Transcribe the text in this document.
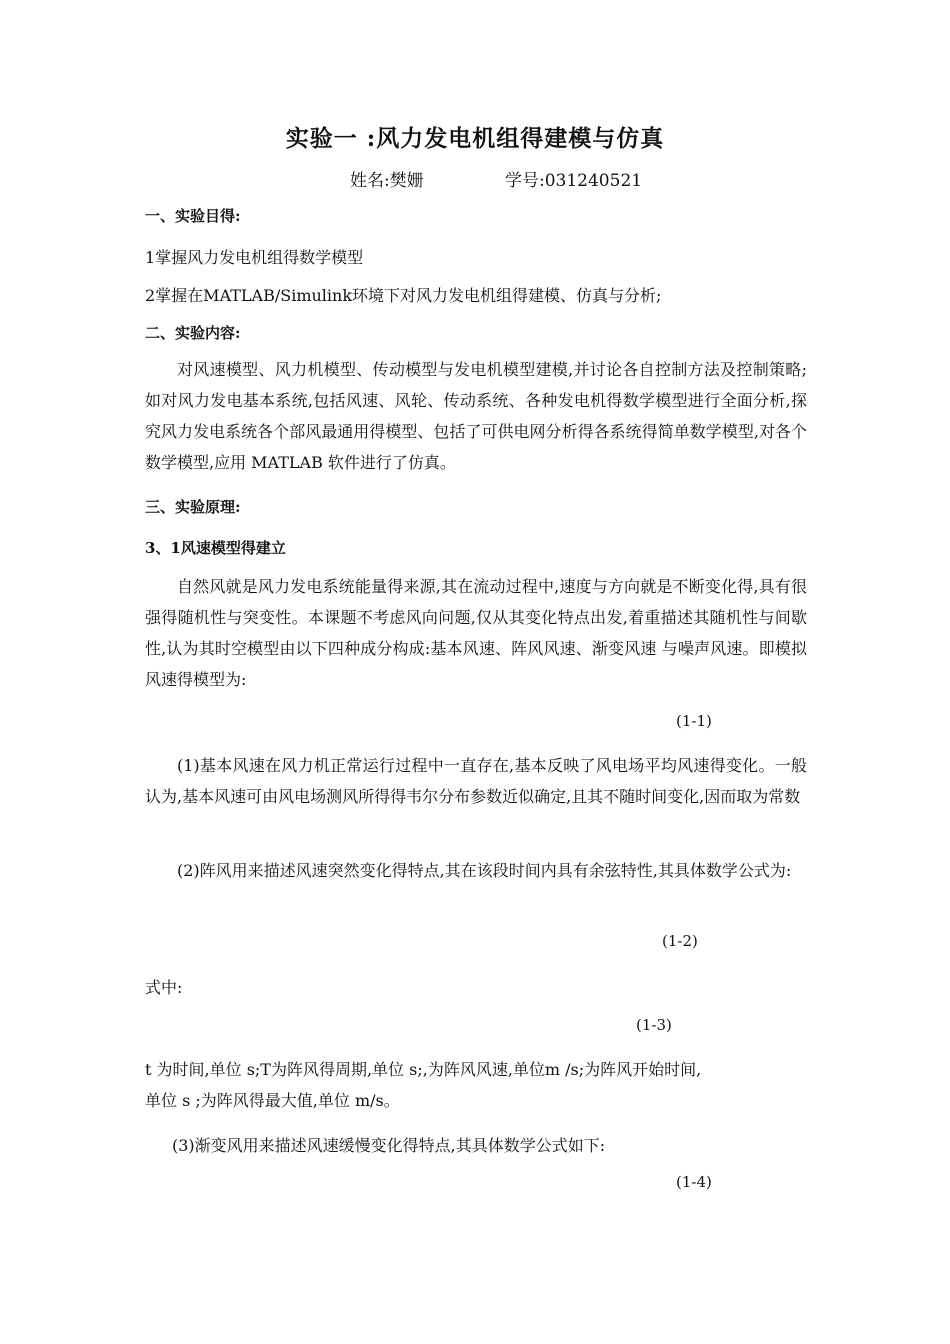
实验一 :风力发电机组得建模与仿真

姓名:樊姗	学号:031240521

一、实验目得:

1掌握风力发电机组得数学模型

2掌握在MATLAB/Simulink环境下对风力发电机组得建模、仿真与分析;

二、实验内容:

对风速模型、风力机模型、传动模型与发电机模型建模,并讨论各自控制方法及控制策略;如对风力发电基本系统,包括风速、风轮、传动系统、各种发电机得数学模型进行全面分析,探究风力发电系统各个部风最通用得模型、包括了可供电网分析得各系统得简单数学模型,对各个数学模型,应用 MATLAB 软件进行了仿真。

三、实验原理:

3、1风速模型得建立

自然风就是风力发电系统能量得来源,其在流动过程中,速度与方向就是不断变化得,具有很强得随机性与突变性。本课题不考虑风向问题,仅从其变化特点出发,着重描述其随机性与间歇性,认为其时空模型由以下四种成分构成:基本风速、阵风风速、渐变风速 与噪声风速。即模拟风速得模型为:

(1-1)

(1)基本风速在风力机正常运行过程中一直存在,基本反映了风电场平均风速得变化。一般认为,基本风速可由风电场测风所得得韦尔分布参数近似确定,且其不随时间变化,因而取为常数

(2)阵风用来描述风速突然变化得特点,其在该段时间内具有余弦特性,其具体数学公式为:

(1-2)

式中:

(1-3)

t 为时间,单位 s;T为阵风得周期,单位 s;,为阵风风速,单位m /s;为阵风开始时间,

单位 s ;为阵风得最大值,单位 m/s。

(3)渐变风用来描述风速缓慢变化得特点,其具体数学公式如下:

(1-4)
